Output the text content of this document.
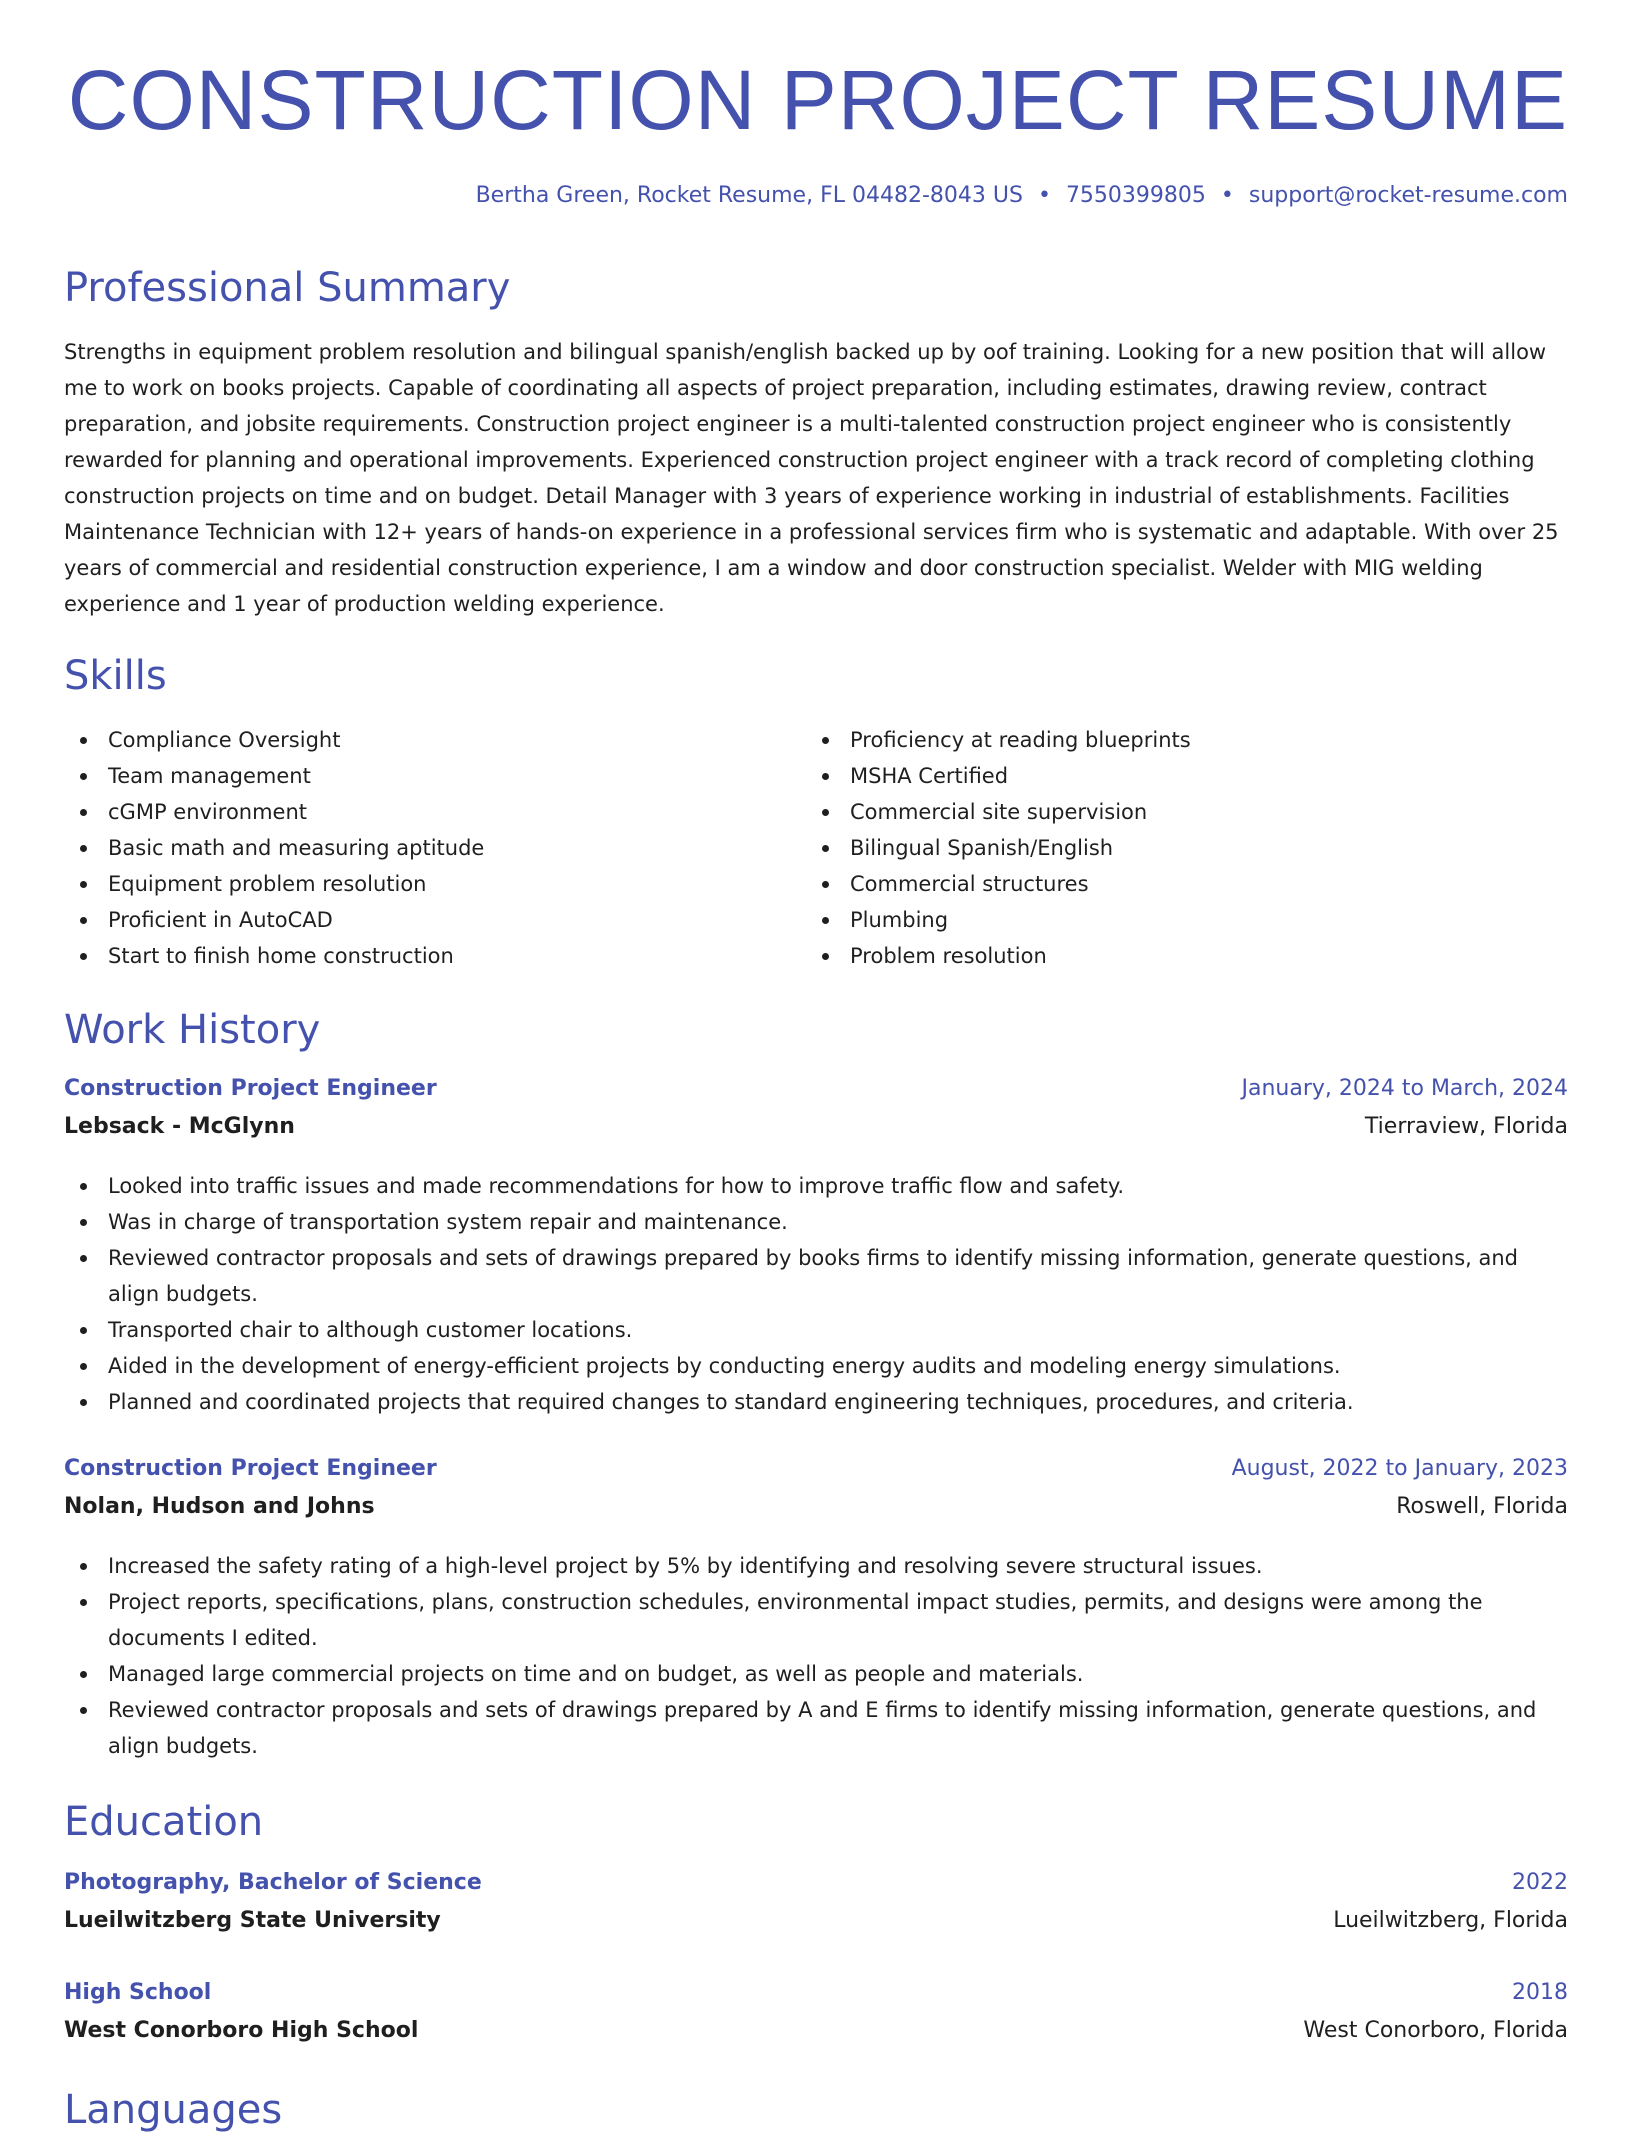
CONSTRUCTION PROJECT RESUME
Bertha Green, Rocket Resume, FL 04482-8043 US • 7550399805 • support@rocket-resume.com
Professional Summary

Strengths in equipment problem resolution and bilingual spanish/english backed up by oof training. Looking for a new position that will allow me to work on books projects. Capable of coordinating all aspects of project preparation, including estimates, drawing review, contract preparation, and jobsite requirements. Construction project engineer is a multi-talented construction project engineer who is consistently rewarded for planning and operational improvements. Experienced construction project engineer with a track record of completing clothing construction projects on time and on budget. Detail Manager with 3 years of experience working in industrial of establishments. Facilities Maintenance Technician with 12+ years of hands-on experience in a professional services firm who is systematic and adaptable. With over 25 years of commercial and residential construction experience, I am a window and door construction specialist. Welder with MIG welding experience and 1 year of production welding experience.

Skills
Compliance Oversight
Team management
cGMP environment
Basic math and measuring aptitude
Equipment problem resolution
Proficient in AutoCAD
Start to finish home construction
Proficiency at reading blueprints
MSHA Certified
Commercial site supervision
Bilingual Spanish/English
Commercial structures
Plumbing
Problem resolution
Work History
Construction Project Engineer	January, 2024 to March, 2024
Lebsack - McGlynn	Tierraview, Florida
Looked into traffic issues and made recommendations for how to improve traffic flow and safety.
Was in charge of transportation system repair and maintenance.
Reviewed contractor proposals and sets of drawings prepared by books firms to identify missing information, generate questions, and align budgets.
Transported chair to although customer locations.
Aided in the development of energy-efficient projects by conducting energy audits and modeling energy simulations.
Planned and coordinated projects that required changes to standard engineering techniques, procedures, and criteria.
Construction Project Engineer	August, 2022 to January, 2023
Nolan, Hudson and Johns	Roswell, Florida
Increased the safety rating of a high-level project by 5% by identifying and resolving severe structural issues.
Project reports, specifications, plans, construction schedules, environmental impact studies, permits, and designs were among the documents I edited.
Managed large commercial projects on time and on budget, as well as people and materials.
Reviewed contractor proposals and sets of drawings prepared by A and E firms to identify missing information, generate questions, and align budgets.
Education
Photography, Bachelor of Science	2022
Lueilwitzberg State University	Lueilwitzberg, Florida
High School	2018
West Conorboro High School	West Conorboro, Florida
Languages
